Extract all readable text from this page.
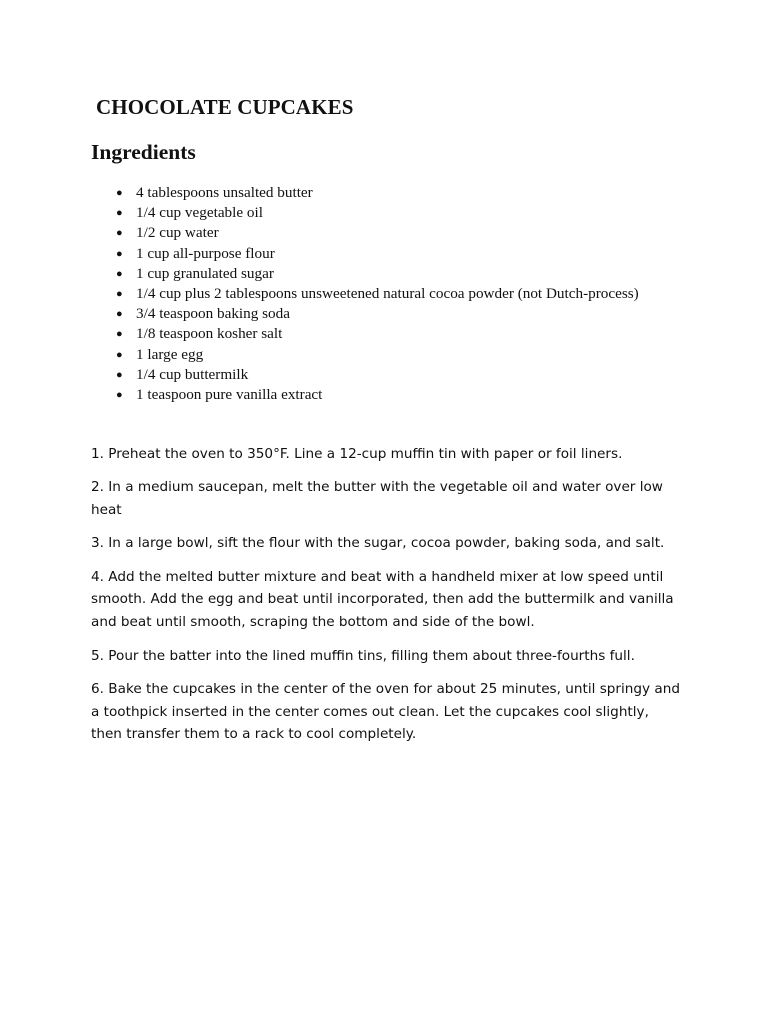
CHOCOLATE CUPCAKES
Ingredients
● 4 tablespoons unsalted butter
● 1/4 cup vegetable oil
● 1/2 cup water
● 1 cup all-purpose flour
● 1 cup granulated sugar
● 1/4 cup plus 2 tablespoons unsweetened natural cocoa powder (not Dutch-process)
● 3/4 teaspoon baking soda
● 1/8 teaspoon kosher salt
● 1 large egg
● 1/4 cup buttermilk
● 1 teaspoon pure vanilla extract

1. Preheat the oven to 350°F. Line a 12-cup muffin tin with paper or foil liners.

2. In a medium saucepan, melt the butter with the vegetable oil and water over low heat

3. In a large bowl, sift the flour with the sugar, cocoa powder, baking soda, and salt.

4. Add the melted butter mixture and beat with a handheld mixer at low speed until smooth. Add the egg and beat until incorporated, then add the buttermilk and vanilla and beat until smooth, scraping the bottom and side of the bowl.

5. Pour the batter into the lined muffin tins, filling them about three-fourths full.

6. Bake the cupcakes in the center of the oven for about 25 minutes, until springy and a toothpick inserted in the center comes out clean. Let the cupcakes cool slightly, then transfer them to a rack to cool completely.
